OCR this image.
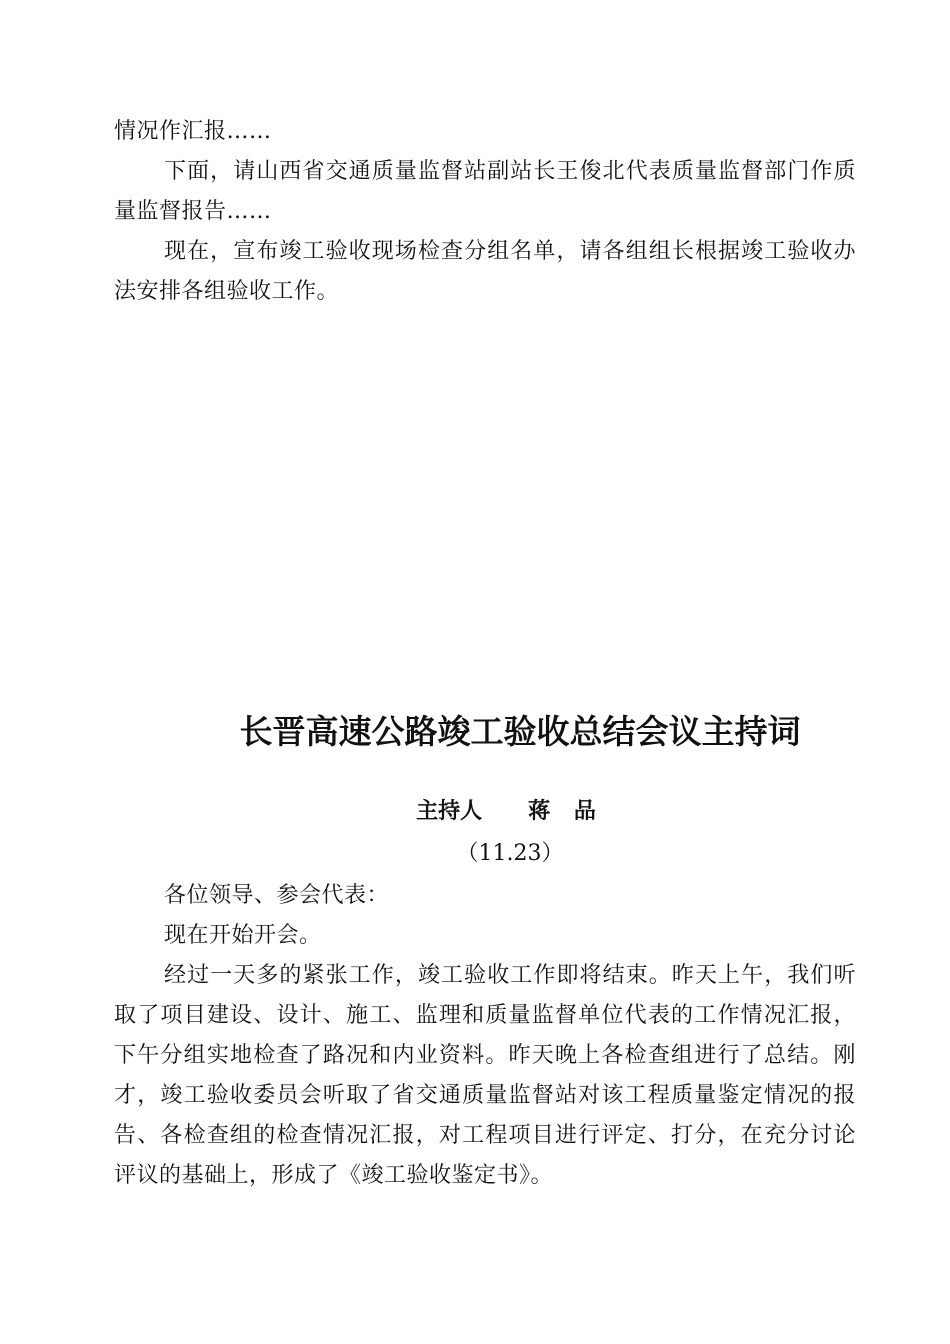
情况作汇报……

下面，请山西省交通质量监督站副站长王俊北代表质量监督部门作质量监督报告……

现在，宣布竣工验收现场检查分组名单，请各组组长根据竣工验收办法安排各组验收工作。

长晋高速公路竣工验收总结会议主持词
主持人 蒋 品
（11.23）

各位领导、参会代表：

现在开始开会。

经过一天多的紧张工作，竣工验收工作即将结束。昨天上午，我们听取了项目建设、设计、施工、监理和质量监督单位代表的工作情况汇报，下午分组实地检查了路况和内业资料。昨天晚上各检查组进行了总结。刚才，竣工验收委员会听取了省交通质量监督站对该工程质量鉴定情况的报告、各检查组的检查情况汇报，对工程项目进行评定、打分，在充分讨论评议的基础上，形成了《竣工验收鉴定书》。
